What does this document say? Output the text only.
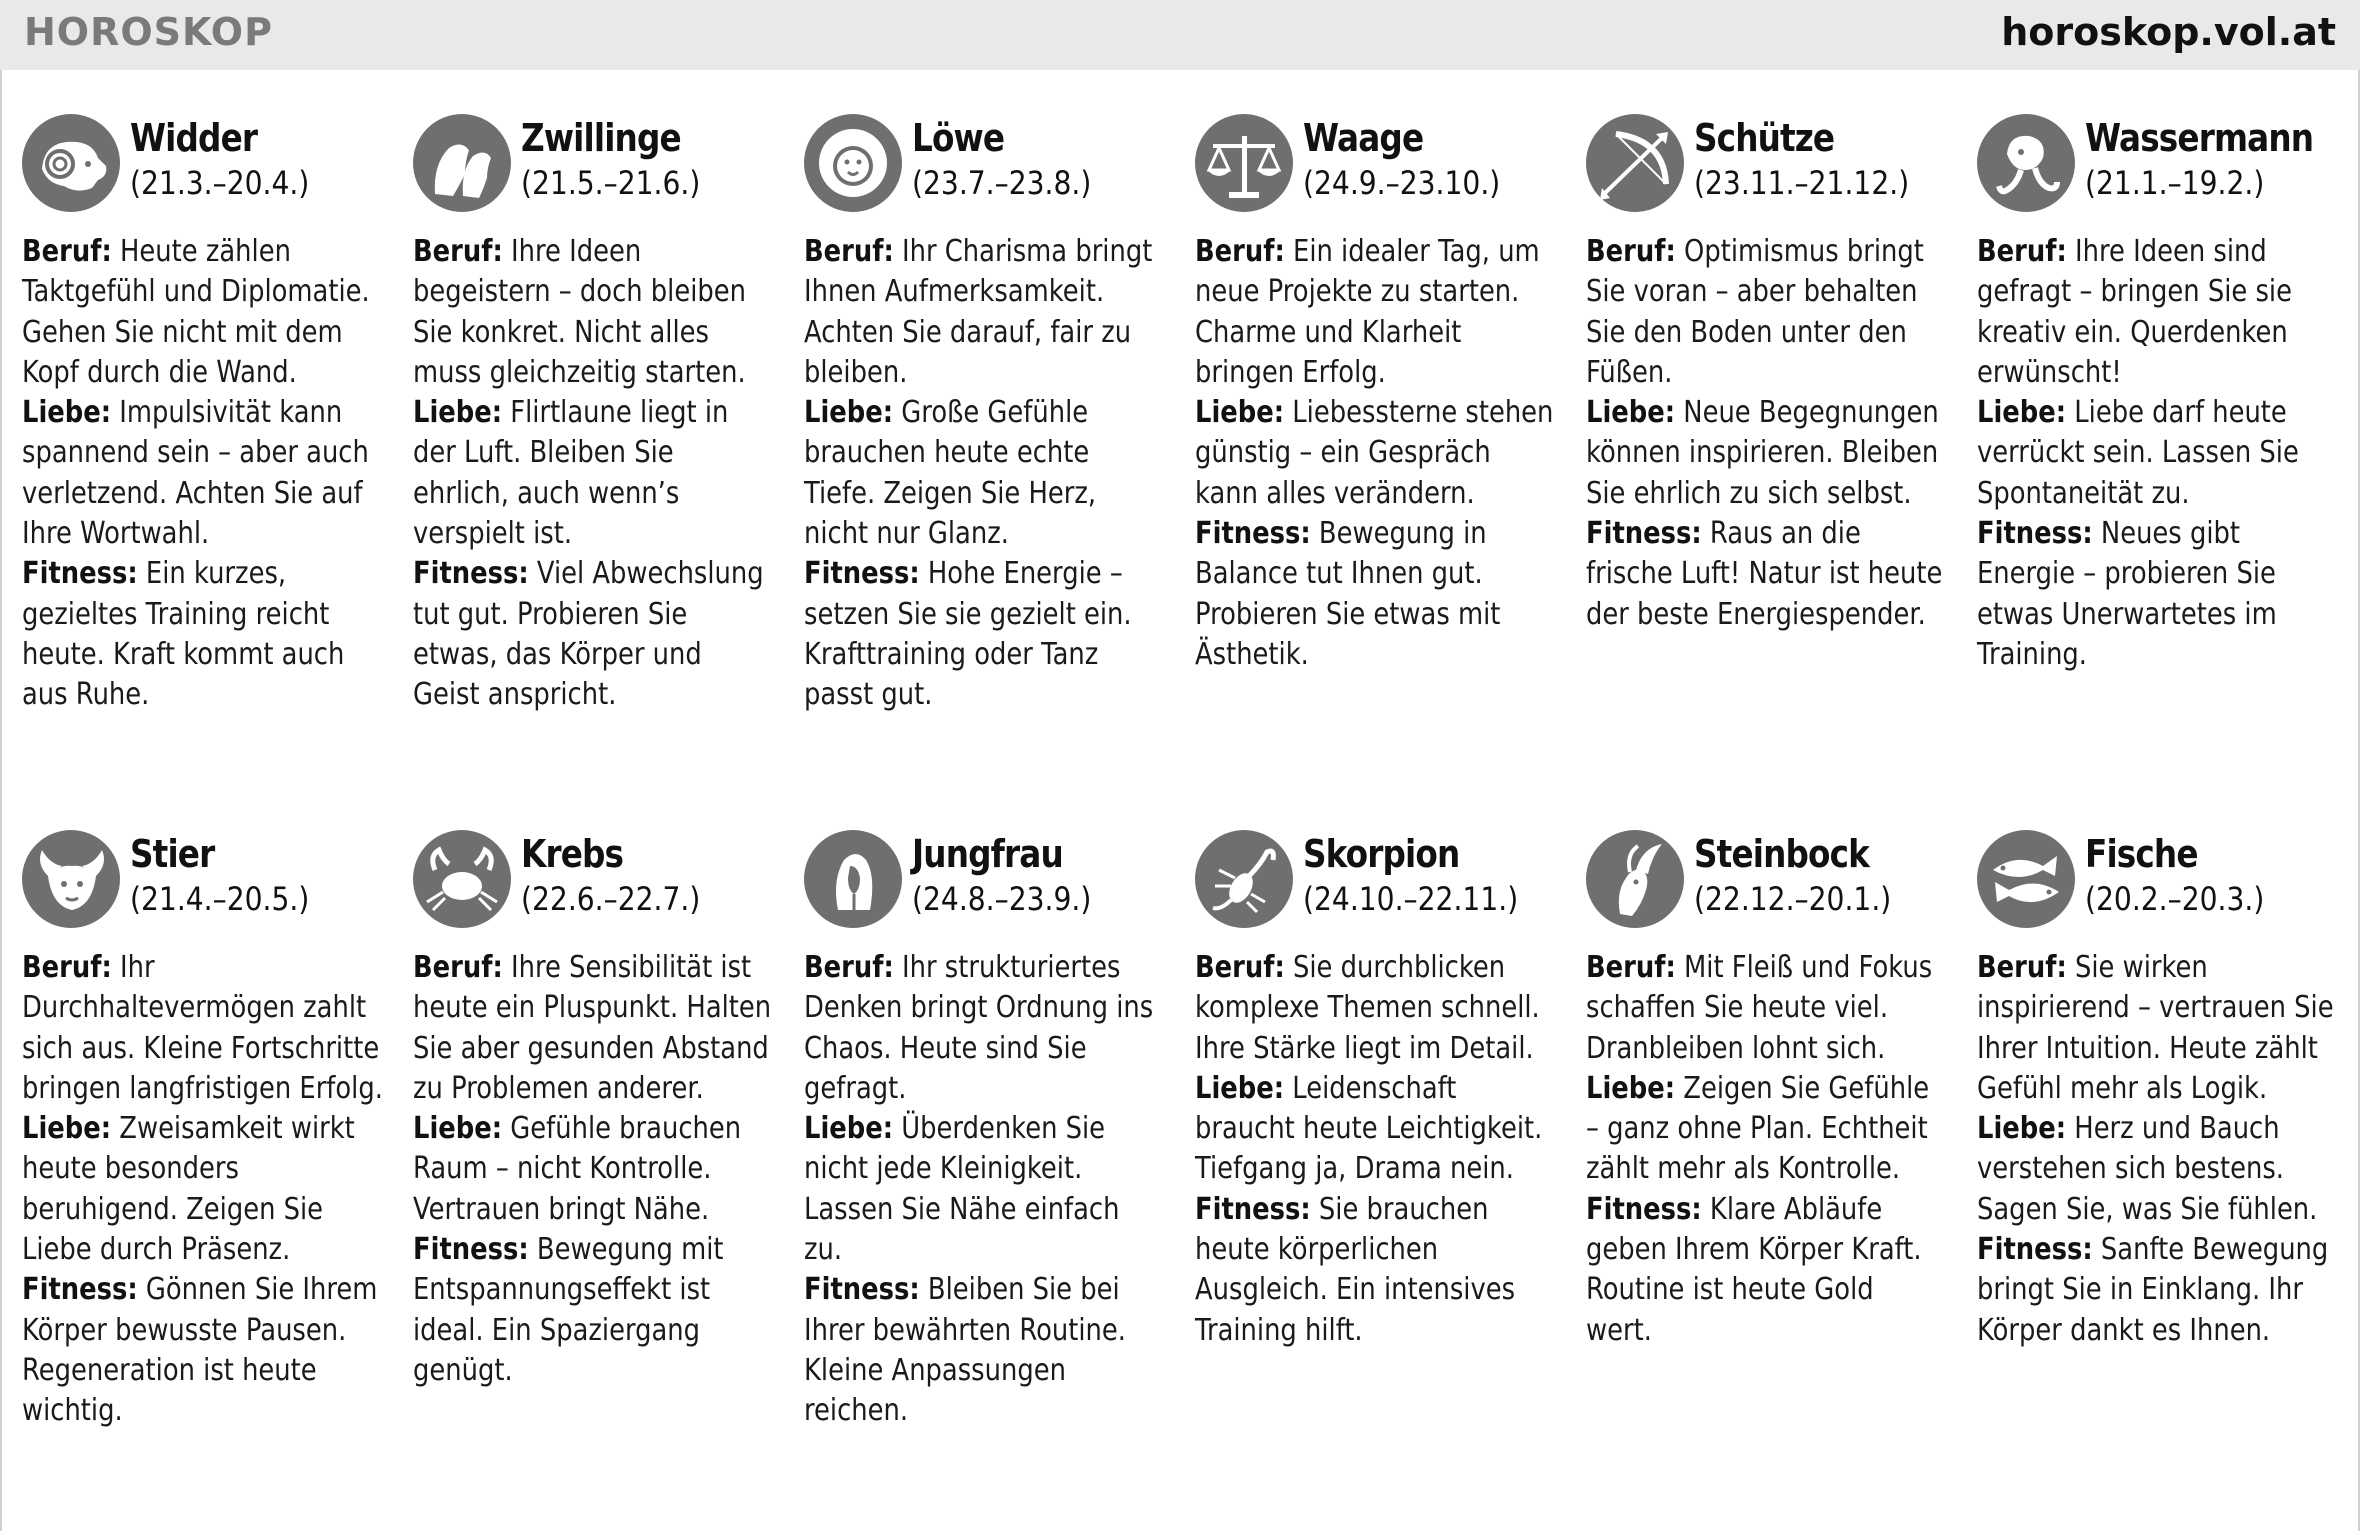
HOROSKOP	horoskop.vol.at
Widder
(21.3.–20.4.)

Beruf: Heute zählen Taktgefühl und Diplomatie. Gehen Sie nicht mit dem Kopf durch die Wand.

Liebe: Impulsivität kann spannend sein – aber auch verletzend. Achten Sie auf Ihre Wortwahl.

Fitness: Ein kurzes, gezieltes Training reicht heute. Kraft kommt auch aus Ruhe.

Zwillinge
(21.5.–21.6.)

Beruf: Ihre Ideen begeistern – doch bleiben Sie konkret. Nicht alles muss gleichzeitig starten.

Liebe: Flirtlaune liegt in der Luft. Bleiben Sie ehrlich, auch wenn’s verspielt ist.

Fitness: Viel Abwechslung tut gut. Probieren Sie etwas, das Körper und Geist anspricht.

Löwe
(23.7.–23.8.)

Beruf: Ihr Charisma bringt Ihnen Aufmerksamkeit. Achten Sie darauf, fair zu bleiben.

Liebe: Große Gefühle brauchen heute echte Tiefe. Zeigen Sie Herz, nicht nur Glanz.

Fitness: Hohe Energie – setzen Sie sie gezielt ein. Krafttraining oder Tanz passt gut.

Waage
(24.9.–23.10.)

Beruf: Ein idealer Tag, um neue Projekte zu starten. Charme und Klarheit bringen Erfolg.

Liebe: Liebessterne stehen günstig – ein Gespräch kann alles verändern.

Fitness: Bewegung in Balance tut Ihnen gut. Probieren Sie etwas mit Ästhetik.

Schütze
(23.11.–21.12.)

Beruf: Optimismus bringt Sie voran – aber behalten Sie den Boden unter den Füßen.

Liebe: Neue Begegnungen können inspirieren. Bleiben Sie ehrlich zu sich selbst.

Fitness: Raus an die frische Luft! Natur ist heute der beste Energiespender.

Wassermann
(21.1.–19.2.)

Beruf: Ihre Ideen sind gefragt – bringen Sie sie kreativ ein. Querdenken erwünscht!

Liebe: Liebe darf heute verrückt sein. Lassen Sie Spontaneität zu.

Fitness: Neues gibt Energie – probieren Sie etwas Unerwartetes im Training.

Stier
(21.4.–20.5.)

Beruf: Ihr Durchhaltevermögen zahlt sich aus. Kleine Fortschritte bringen langfristigen Erfolg.

Liebe: Zweisamkeit wirkt heute besonders beruhigend. Zeigen Sie Liebe durch Präsenz.

Fitness: Gönnen Sie Ihrem Körper bewusste Pausen. Regeneration ist heute wichtig.

Krebs
(22.6.–22.7.)

Beruf: Ihre Sensibilität ist heute ein Pluspunkt. Halten Sie aber gesunden Abstand zu Problemen anderer.

Liebe: Gefühle brauchen Raum – nicht Kontrolle. Vertrauen bringt Nähe.

Fitness: Bewegung mit Entspannungseffekt ist ideal. Ein Spaziergang genügt.

Jungfrau
(24.8.–23.9.)

Beruf: Ihr strukturiertes Denken bringt Ordnung ins Chaos. Heute sind Sie gefragt.

Liebe: Überdenken Sie nicht jede Kleinigkeit. Lassen Sie Nähe einfach zu.

Fitness: Bleiben Sie bei Ihrer bewährten Routine. Kleine Anpassungen reichen.

Skorpion
(24.10.–22.11.)

Beruf: Sie durchblicken komplexe Themen schnell. Ihre Stärke liegt im Detail.

Liebe: Leidenschaft braucht heute Leichtigkeit. Tiefgang ja, Drama nein.

Fitness: Sie brauchen heute körperlichen Ausgleich. Ein intensives Training hilft.

Steinbock
(22.12.–20.1.)

Beruf: Mit Fleiß und Fokus schaffen Sie heute viel. Dranbleiben lohnt sich.

Liebe: Zeigen Sie Gefühle – ganz ohne Plan. Echtheit zählt mehr als Kontrolle.

Fitness: Klare Abläufe geben Ihrem Körper Kraft. Routine ist heute Gold wert.

Fische
(20.2.–20.3.)

Beruf: Sie wirken inspirierend – vertrauen Sie Ihrer Intuition. Heute zählt Gefühl mehr als Logik.

Liebe: Herz und Bauch verstehen sich bestens. Sagen Sie, was Sie fühlen.

Fitness: Sanfte Bewegung bringt Sie in Einklang. Ihr Körper dankt es Ihnen.
